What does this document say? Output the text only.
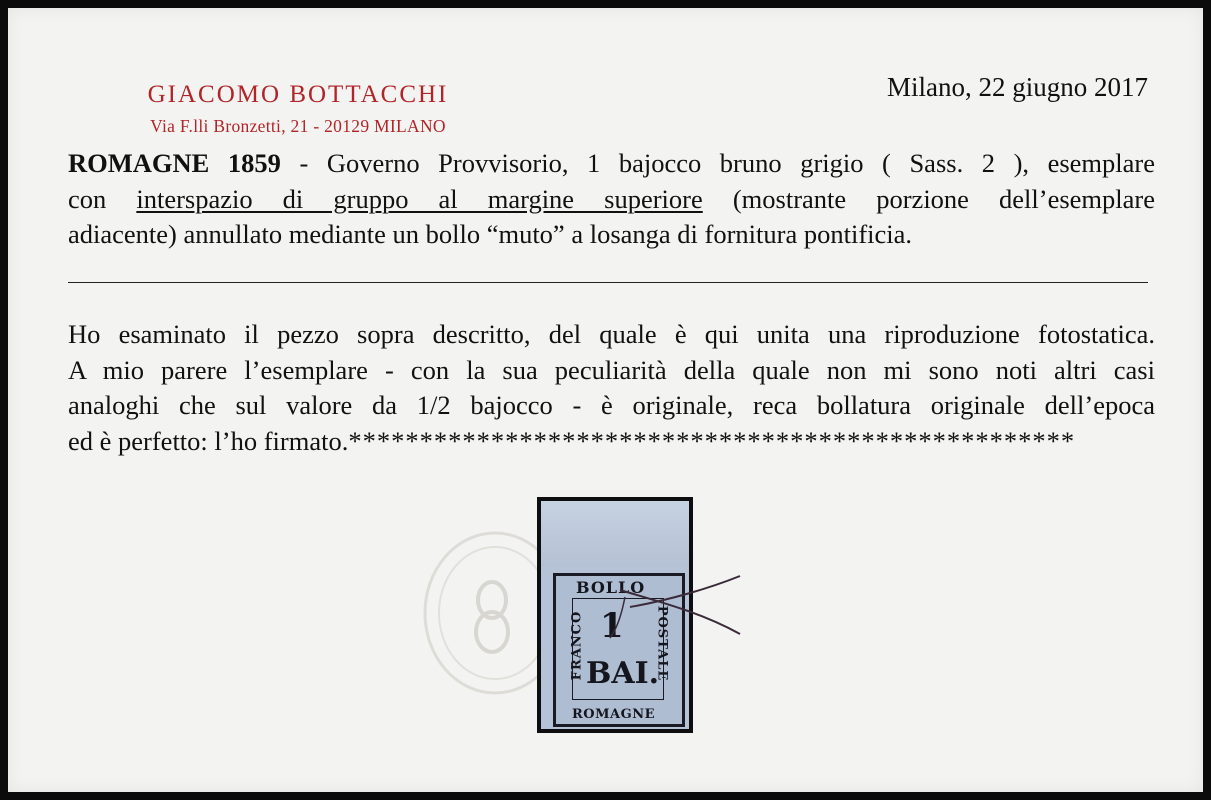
GIACOMO BOTTACCHI
Via F.lli Bronzetti, 21 - 20129 MILANO
Milano, 22 giugno 2017
ROMAGNE 1859 - Governo Provvisorio, 1 bajocco bruno grigio ( Sass. 2 ), esemplare
con interspazio di gruppo al margine superiore (mostrante porzione dell’esemplare
adiacente) annullato mediante un bollo “muto” a losanga di fornitura pontificia.
Ho esaminato il pezzo sopra descritto, del quale è qui unita una riproduzione fotostatica.
A mio parere l’esemplare - con la sua peculiarità della quale non mi sono noti altri casi
analoghi che sul valore da 1/2 bajocco - è originale, reca bollatura originale dell’epoca
ed è perfetto: l’ho firmato.***************************************************
BOLLO
FRANCO	POSTALE
1
BAI.
ROMAGNE
